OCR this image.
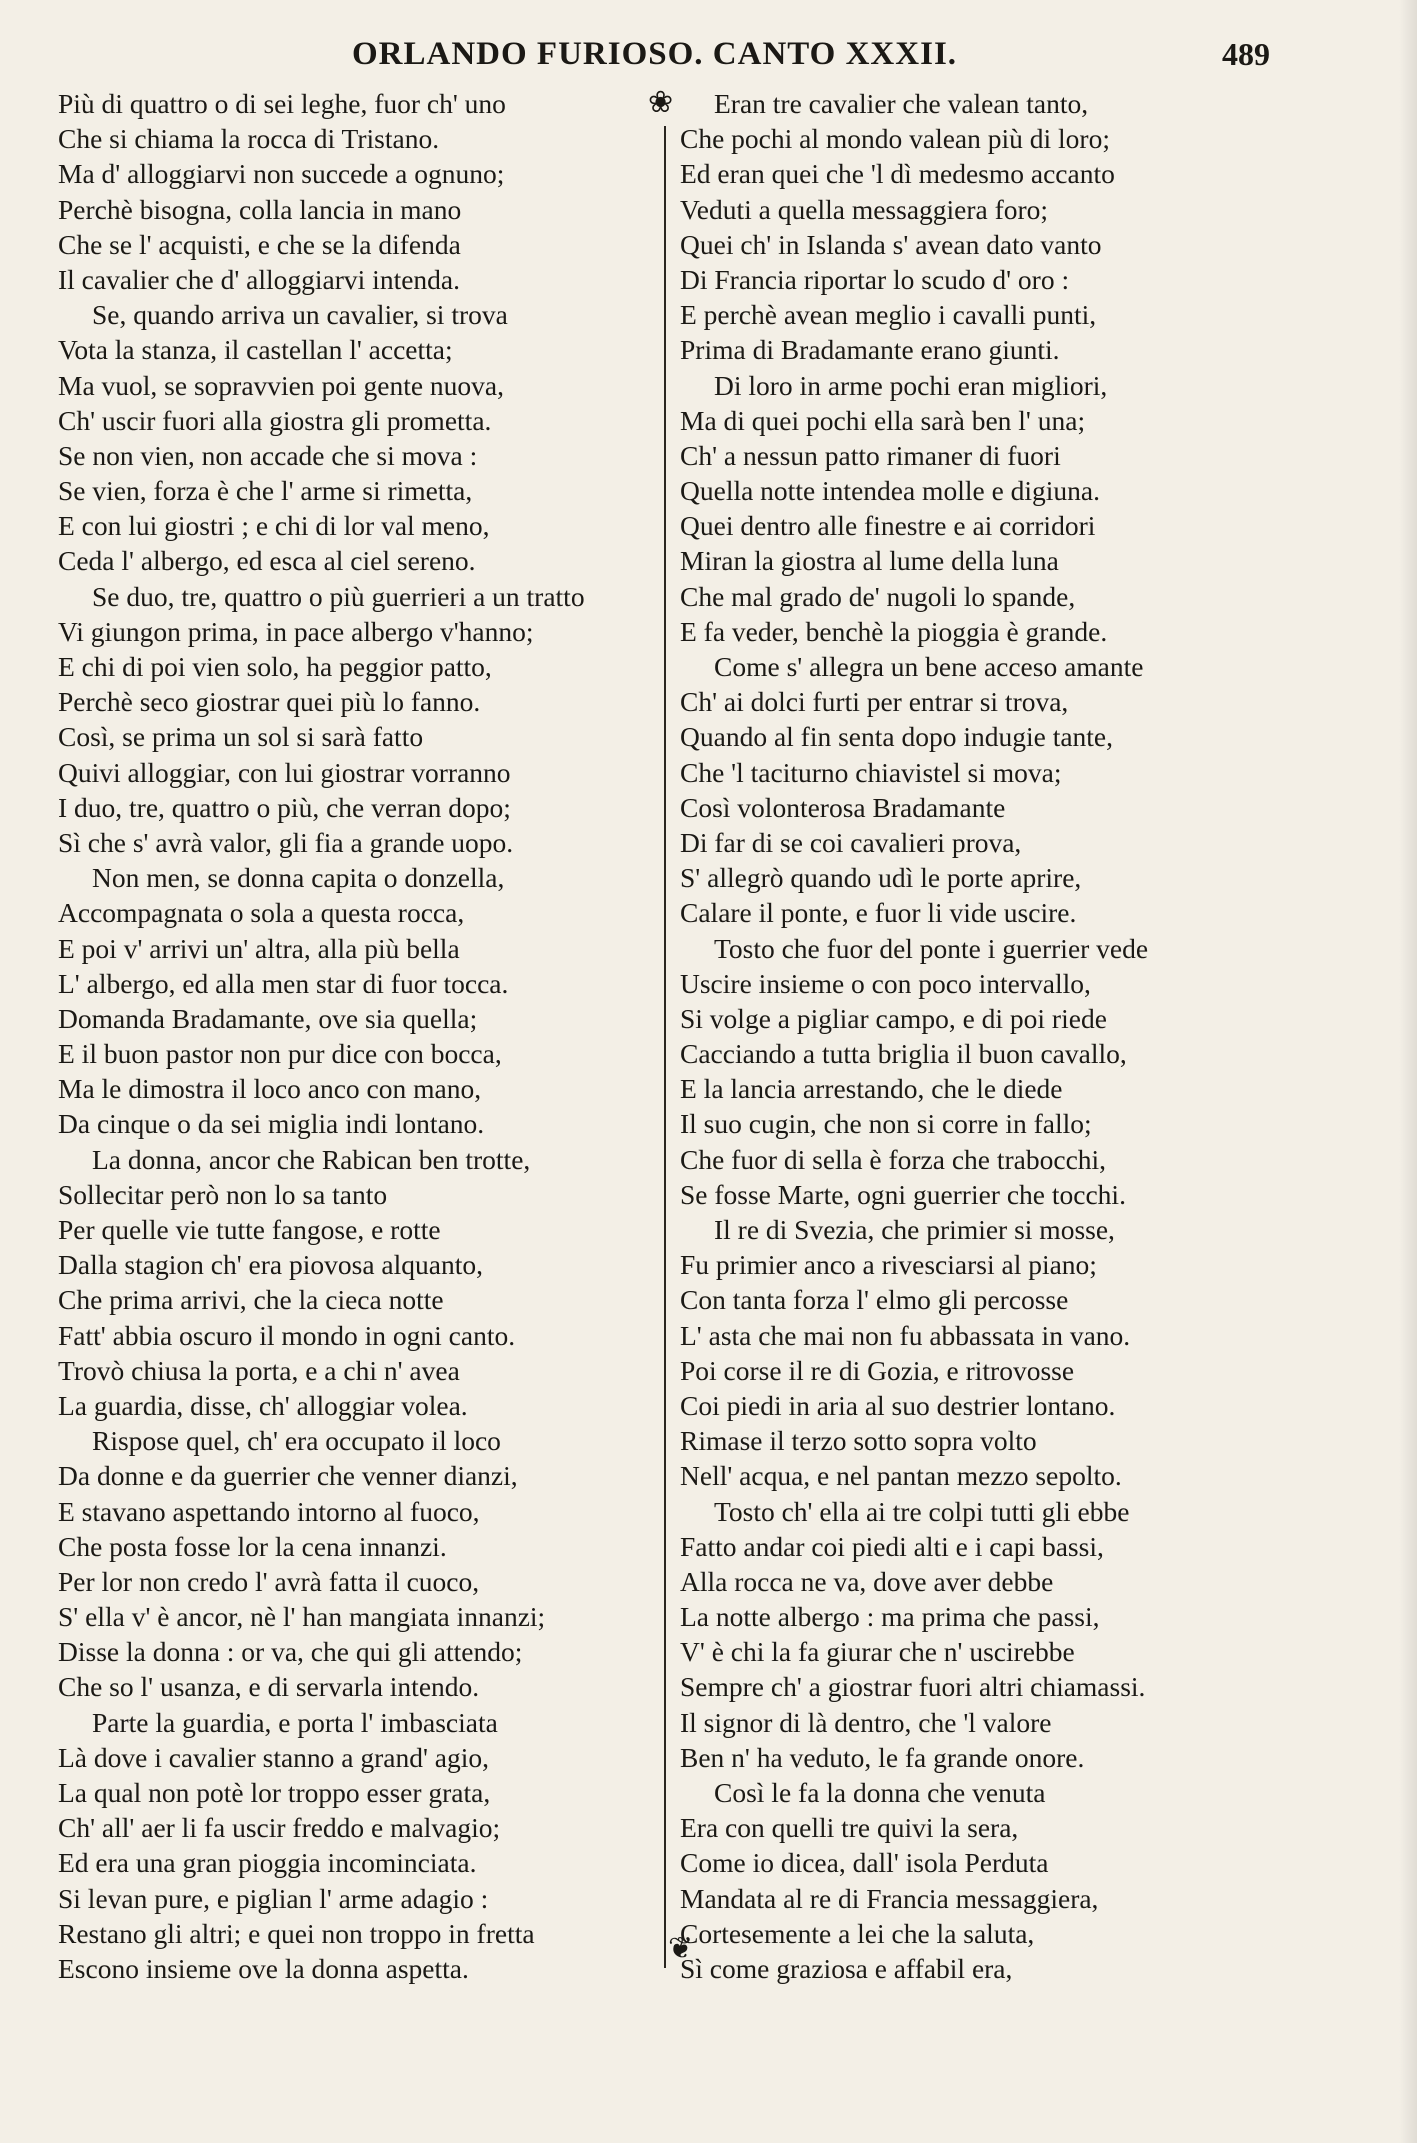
ORLANDO FURIOSO. CANTO XXXII.	489
Più di quattro o di sei leghe, fuor ch' uno
Che si chiama la rocca di Tristano.
Ma d' alloggiarvi non succede a ognuno;
Perchè bisogna, colla lancia in mano
Che se l' acquisti, e che se la difenda
Il cavalier che d' alloggiarvi intenda.
Se, quando arriva un cavalier, si trova
Vota la stanza, il castellan l' accetta;
Ma vuol, se sopravvien poi gente nuova,
Ch' uscir fuori alla giostra gli prometta.
Se non vien, non accade che si mova :
Se vien, forza è che l' arme si rimetta,
E con lui giostri ; e chi di lor val meno,
Ceda l' albergo, ed esca al ciel sereno.
Se duo, tre, quattro o più guerrieri a un tratto
Vi giungon prima, in pace albergo v'hanno;
E chi di poi vien solo, ha peggior patto,
Perchè seco giostrar quei più lo fanno.
Così, se prima un sol si sarà fatto
Quivi alloggiar, con lui giostrar vorranno
I duo, tre, quattro o più, che verran dopo;
Sì che s' avrà valor, gli fia a grande uopo.
Non men, se donna capita o donzella,
Accompagnata o sola a questa rocca,
E poi v' arrivi un' altra, alla più bella
L' albergo, ed alla men star di fuor tocca.
Domanda Bradamante, ove sia quella;
E il buon pastor non pur dice con bocca,
Ma le dimostra il loco anco con mano,
Da cinque o da sei miglia indi lontano.
La donna, ancor che Rabican ben trotte,
Sollecitar però non lo sa tanto
Per quelle vie tutte fangose, e rotte
Dalla stagion ch' era piovosa alquanto,
Che prima arrivi, che la cieca notte
Fatt' abbia oscuro il mondo in ogni canto.
Trovò chiusa la porta, e a chi n' avea
La guardia, disse, ch' alloggiar volea.
Rispose quel, ch' era occupato il loco
Da donne e da guerrier che venner dianzi,
E stavano aspettando intorno al fuoco,
Che posta fosse lor la cena innanzi.
Per lor non credo l' avrà fatta il cuoco,
S' ella v' è ancor, nè l' han mangiata innanzi;
Disse la donna : or va, che qui gli attendo;
Che so l' usanza, e di servarla intendo.
Parte la guardia, e porta l' imbasciata
Là dove i cavalier stanno a grand' agio,
La qual non potè lor troppo esser grata,
Ch' all' aer li fa uscir freddo e malvagio;
Ed era una gran pioggia incominciata.
Si levan pure, e piglian l' arme adagio :
Restano gli altri; e quei non troppo in fretta
Escono insieme ove la donna aspetta.
Eran tre cavalier che valean tanto,
Che pochi al mondo valean più di loro;
Ed eran quei che 'l dì medesmo accanto
Veduti a quella messaggiera foro;
Quei ch' in Islanda s' avean dato vanto
Di Francia riportar lo scudo d' oro :
E perchè avean meglio i cavalli punti,
Prima di Bradamante erano giunti.
Di loro in arme pochi eran migliori,
Ma di quei pochi ella sarà ben l' una;
Ch' a nessun patto rimaner di fuori
Quella notte intendea molle e digiuna.
Quei dentro alle finestre e ai corridori
Miran la giostra al lume della luna
Che mal grado de' nugoli lo spande,
E fa veder, benchè la pioggia è grande.
Come s' allegra un bene acceso amante
Ch' ai dolci furti per entrar si trova,
Quando al fin senta dopo indugie tante,
Che 'l taciturno chiavistel si mova;
Così volonterosa Bradamante
Di far di se coi cavalieri prova,
S' allegrò quando udì le porte aprire,
Calare il ponte, e fuor li vide uscire.
Tosto che fuor del ponte i guerrier vede
Uscire insieme o con poco intervallo,
Si volge a pigliar campo, e di poi riede
Cacciando a tutta briglia il buon cavallo,
E la lancia arrestando, che le diede
Il suo cugin, che non si corre in fallo;
Che fuor di sella è forza che trabocchi,
Se fosse Marte, ogni guerrier che tocchi.
Il re di Svezia, che primier si mosse,
Fu primier anco a rivesciarsi al piano;
Con tanta forza l' elmo gli percosse
L' asta che mai non fu abbassata in vano.
Poi corse il re di Gozia, e ritrovosse
Coi piedi in aria al suo destrier lontano.
Rimase il terzo sotto sopra volto
Nell' acqua, e nel pantan mezzo sepolto.
Tosto ch' ella ai tre colpi tutti gli ebbe
Fatto andar coi piedi alti e i capi bassi,
Alla rocca ne va, dove aver debbe
La notte albergo : ma prima che passi,
V' è chi la fa giurar che n' uscirebbe
Sempre ch' a giostrar fuori altri chiamassi.
Il signor di là dentro, che 'l valore
Ben n' ha veduto, le fa grande onore.
Così le fa la donna che venuta
Era con quelli tre quivi la sera,
Come io dicea, dall' isola Perduta
Mandata al re di Francia messaggiera,
Cortesemente a lei che la saluta,
Sì come graziosa e affabil era,
❀
❦
